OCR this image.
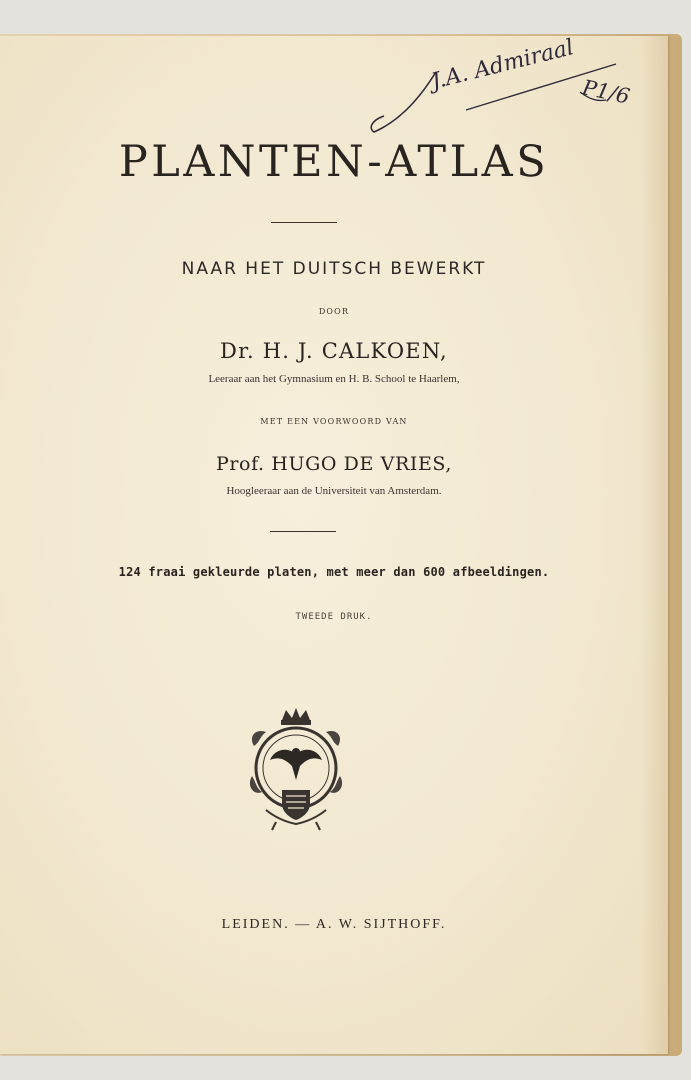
J.A. Admiraal P1/6
PLANTEN-ATLAS
NAAR HET DUITSCH BEWERKT
DOOR
Dr. H. J. CALKOEN,
Leeraar aan het Gymnasium en H. B. School te Haarlem,
MET EEN VOORWOORD VAN
Prof. HUGO DE VRIES,
Hoogleeraar aan de Universiteit van Amsterdam.
124 fraai gekleurde platen, met meer dan 600 afbeeldingen.
TWEEDE DRUK.
LEIDEN. — A. W. SIJTHOFF.
